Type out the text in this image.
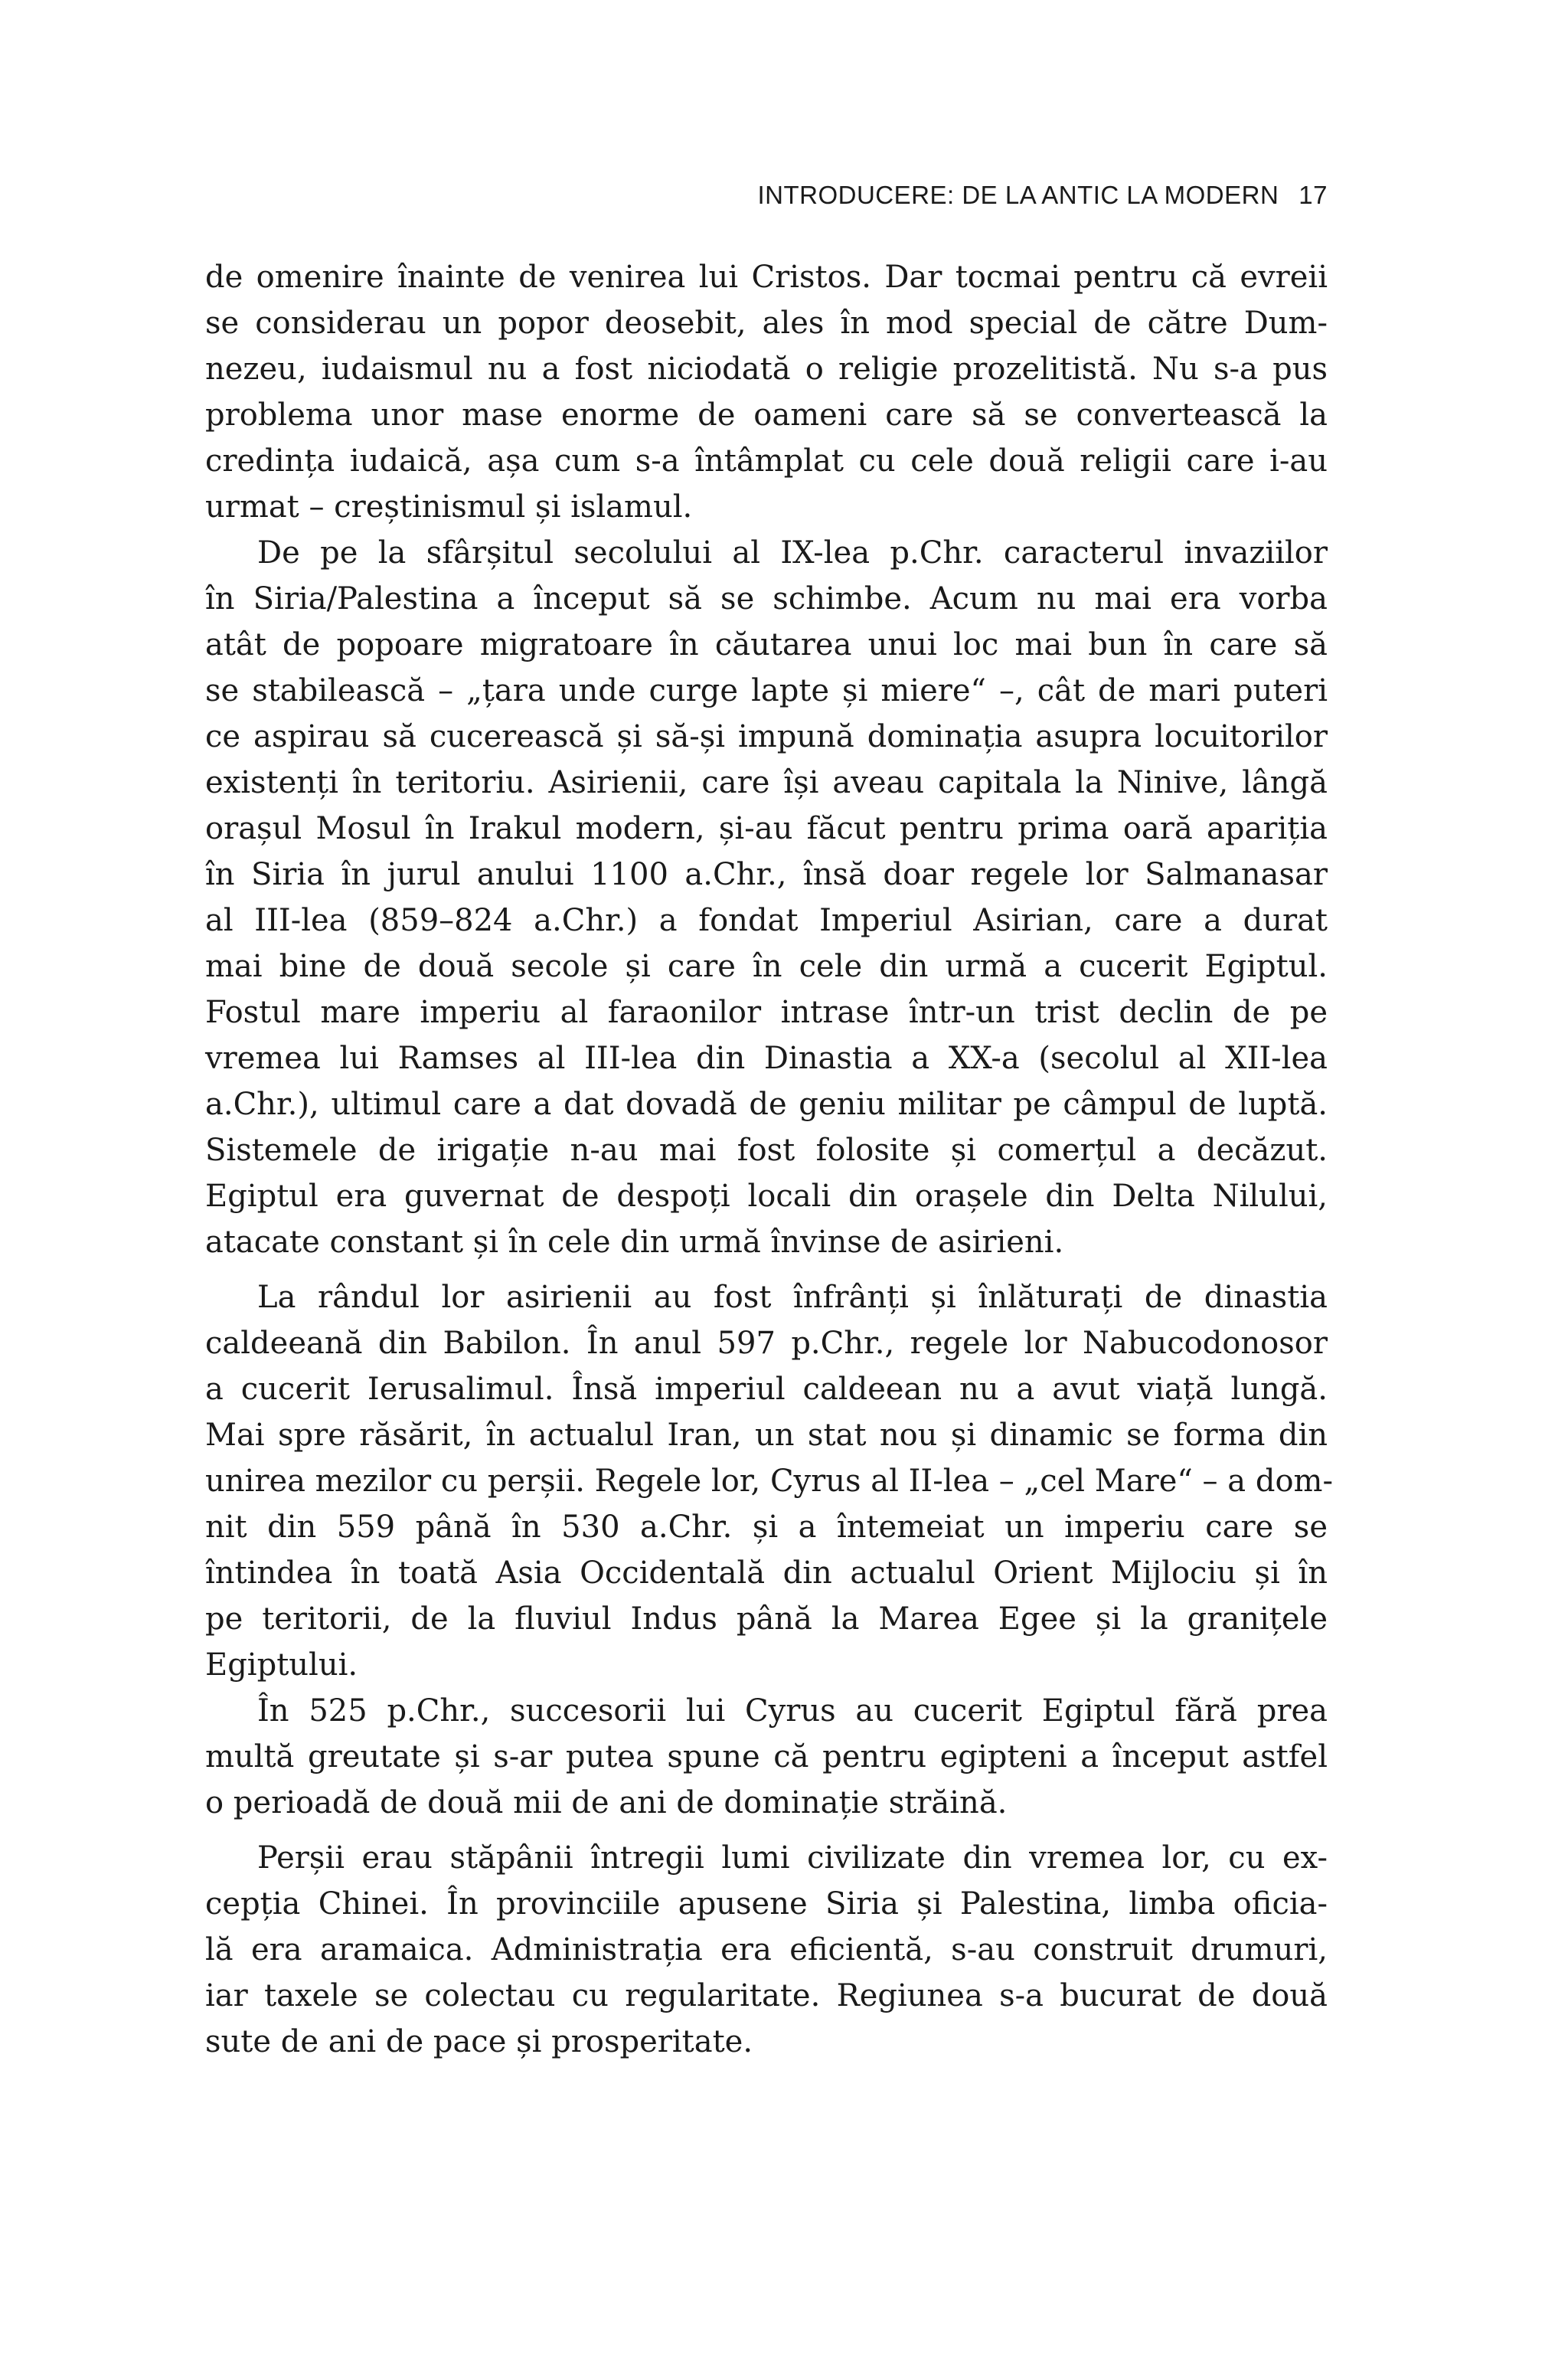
INTRODUCERE: DE LA ANTIC LA MODERN 17
de omenire înainte de venirea lui Cristos. Dar tocmai pentru că evreii
se considerau un popor deosebit, ales în mod special de către Dum-
nezeu, iudaismul nu a fost niciodată o religie prozelitistă. Nu s-a pus
problema unor mase enorme de oameni care să se convertească la
credința iudaică, așa cum s-a întâmplat cu cele două religii care i-au
urmat – creștinismul și islamul.
De pe la sfârșitul secolului al IX-lea p.Chr. caracterul invaziilor
în Siria/Palestina a început să se schimbe. Acum nu mai era vorba
atât de popoare migratoare în căutarea unui loc mai bun în care să
se stabilească – „țara unde curge lapte și miere“ –, cât de mari puteri
ce aspirau să cucerească și să-și impună dominația asupra locuitorilor
existenți în teritoriu. Asirienii, care își aveau capitala la Ninive, lângă
orașul Mosul în Irakul modern, și-au făcut pentru prima oară apariția
în Siria în jurul anului 1100 a.Chr., însă doar regele lor Salmanasar
al III-lea (859–824 a.Chr.) a fondat Imperiul Asirian, care a durat
mai bine de două secole și care în cele din urmă a cucerit Egiptul.
Fostul mare imperiu al faraonilor intrase într-un trist declin de pe
vremea lui Ramses al III-lea din Dinastia a XX-a (secolul al XII-lea
a.Chr.), ultimul care a dat dovadă de geniu militar pe câmpul de luptă.
Sistemele de irigație n-au mai fost folosite și comerțul a decăzut.
Egiptul era guvernat de despoți locali din orașele din Delta Nilului,
atacate constant și în cele din urmă învinse de asirieni.
La rândul lor asirienii au fost înfrânți și înlăturați de dinastia
caldeeană din Babilon. În anul 597 p.Chr., regele lor Nabucodonosor
a cucerit Ierusalimul. Însă imperiul caldeean nu a avut viață lungă.
Mai spre răsărit, în actualul Iran, un stat nou și dinamic se forma din
unirea mezilor cu perșii. Regele lor, Cyrus al II-lea – „cel Mare“ – a dom-
nit din 559 până în 530 a.Chr. și a întemeiat un imperiu care se
întindea în toată Asia Occidentală din actualul Orient Mijlociu și în
pe teritorii, de la fluviul Indus până la Marea Egee și la granițele
Egiptului.
În 525 p.Chr., succesorii lui Cyrus au cucerit Egiptul fără prea
multă greutate și s-ar putea spune că pentru egipteni a început astfel
o perioadă de două mii de ani de dominație străină.
Perșii erau stăpânii întregii lumi civilizate din vremea lor, cu ex-
cepția Chinei. În provinciile apusene Siria și Palestina, limba oficia-
lă era aramaica. Administrația era eficientă, s-au construit drumuri,
iar taxele se colectau cu regularitate. Regiunea s-a bucurat de două
sute de ani de pace și prosperitate.
